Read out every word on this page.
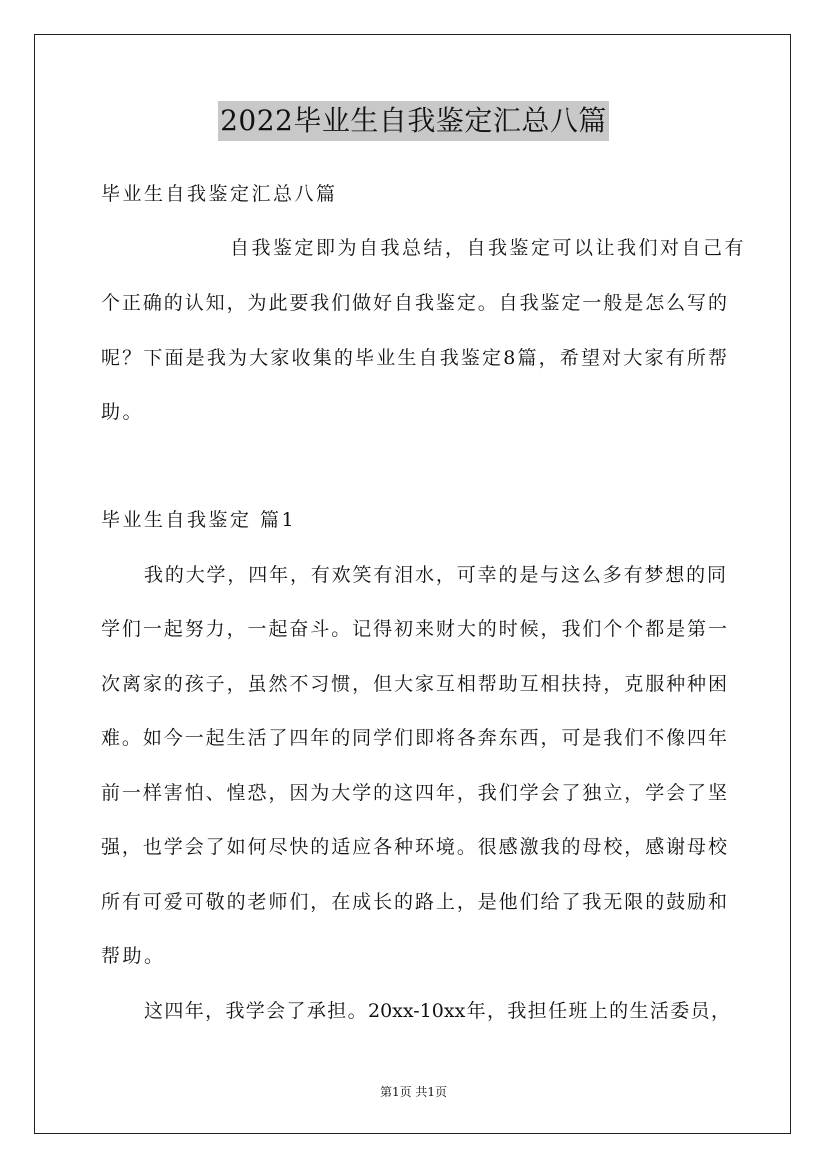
2022毕业生自我鉴定汇总八篇
毕业生自我鉴定汇总八篇
自我鉴定即为自我总结，自我鉴定可以让我们对自己有
个正确的认知，为此要我们做好自我鉴定。自我鉴定一般是怎么写的
呢？下面是我为大家收集的毕业生自我鉴定8篇，希望对大家有所帮
助。
毕业生自我鉴定 篇1
我的大学，四年，有欢笑有泪水，可幸的是与这么多有梦想的同
学们一起努力，一起奋斗。记得初来财大的时候，我们个个都是第一
次离家的孩子，虽然不习惯，但大家互相帮助互相扶持，克服种种困
难。如今一起生活了四年的同学们即将各奔东西，可是我们不像四年
前一样害怕、惶恐，因为大学的这四年，我们学会了独立，学会了坚
强，也学会了如何尽快的适应各种环境。很感激我的母校，感谢母校
所有可爱可敬的老师们，在成长的路上，是他们给了我无限的鼓励和
帮助。
这四年，我学会了承担。20xx-10xx年，我担任班上的生活委员，
第1页 共1页
